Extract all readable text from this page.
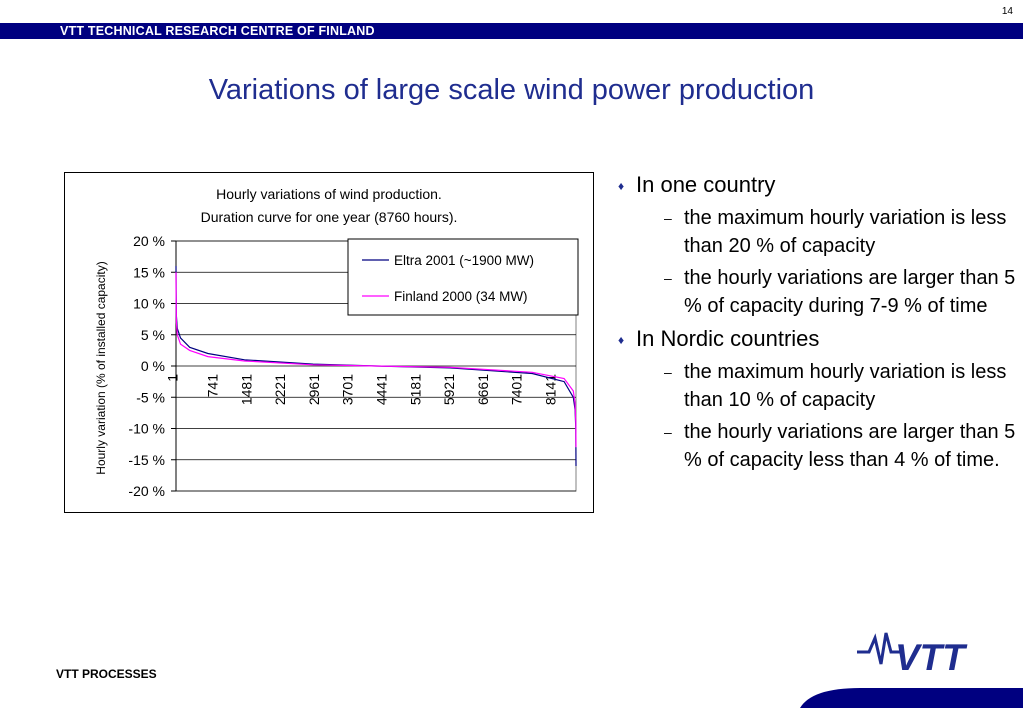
14
VTT TECHNICAL RESEARCH CENTRE OF FINLAND
Variations of large scale wind power production
Hourly variations of wind production.
Duration curve for one year (8760 hours).
Hourly variation (% of installed capacity)
20 %
15 %
10 %
5 %
0 %
-5 %
-10 %
-15 %
-20 %
1 741 1481 2221 2961 3701 4441 5181 5921 6661 7401 8141
Eltra 2001 (~1900 MW)
Finland 2000 (34 MW)
♦ In one country
– the maximum hourly variation is less than 20 % of capacity
– the hourly variations are larger than 5 % of capacity during 7-9 % of time
♦ In Nordic countries
– the maximum hourly variation is less than 10 % of capacity
– the hourly variations are larger than 5 % of capacity less than 4 % of time.
VTT PROCESSES	VTT
